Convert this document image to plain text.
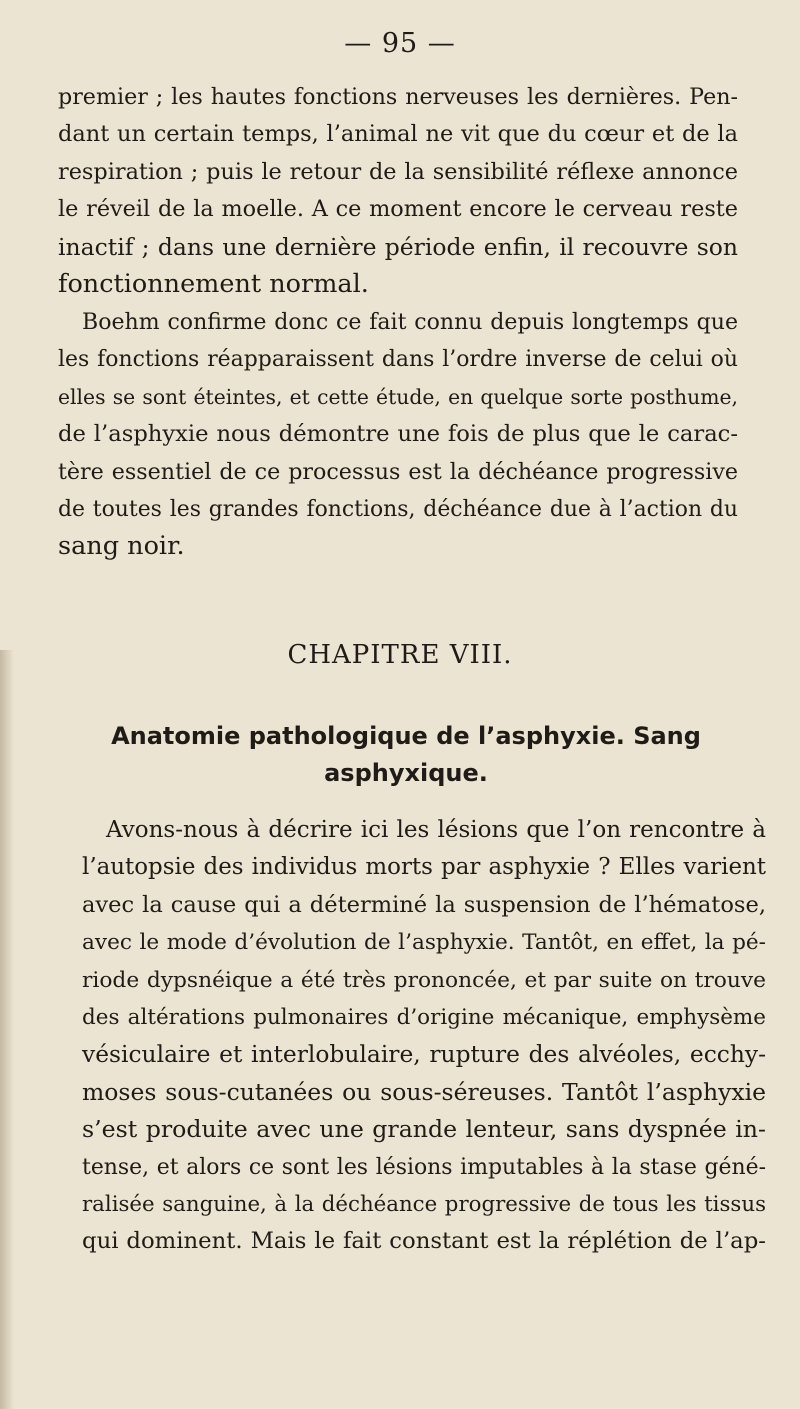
— 95 —
premier ; les hautes fonctions nerveuses les dernières. Pen-
dant un certain temps, l’animal ne vit que du cœur et de la
respiration ; puis le retour de la sensibilité réflexe annonce
le réveil de la moelle. A ce moment encore le cerveau reste
inactif ; dans une dernière période enfin, il recouvre son
fonctionnement normal.
Boehm confirme donc ce fait connu depuis longtemps que
les fonctions réapparaissent dans l’ordre inverse de celui où
elles se sont éteintes, et cette étude, en quelque sorte posthume,
de l’asphyxie nous démontre une fois de plus que le carac-
tère essentiel de ce processus est la déchéance progressive
de toutes les grandes fonctions, déchéance due à l’action du
sang noir.
CHAPITRE VIII.
Anatomie pathologique de l’asphyxie. Sang
asphyxique.
Avons-nous à décrire ici les lésions que l’on rencontre à
l’autopsie des individus morts par asphyxie ? Elles varient
avec la cause qui a déterminé la suspension de l’hématose,
avec le mode d’évolution de l’asphyxie. Tantôt, en effet, la pé-
riode dypsnéique a été très prononcée, et par suite on trouve
des altérations pulmonaires d’origine mécanique, emphysème
vésiculaire et interlobulaire, rupture des alvéoles, ecchy-
moses sous-cutanées ou sous-séreuses. Tantôt l’asphyxie
s’est produite avec une grande lenteur, sans dyspnée in-
tense, et alors ce sont les lésions imputables à la stase géné-
ralisée sanguine, à la déchéance progressive de tous les tissus
qui dominent. Mais le fait constant est la réplétion de l’ap-
